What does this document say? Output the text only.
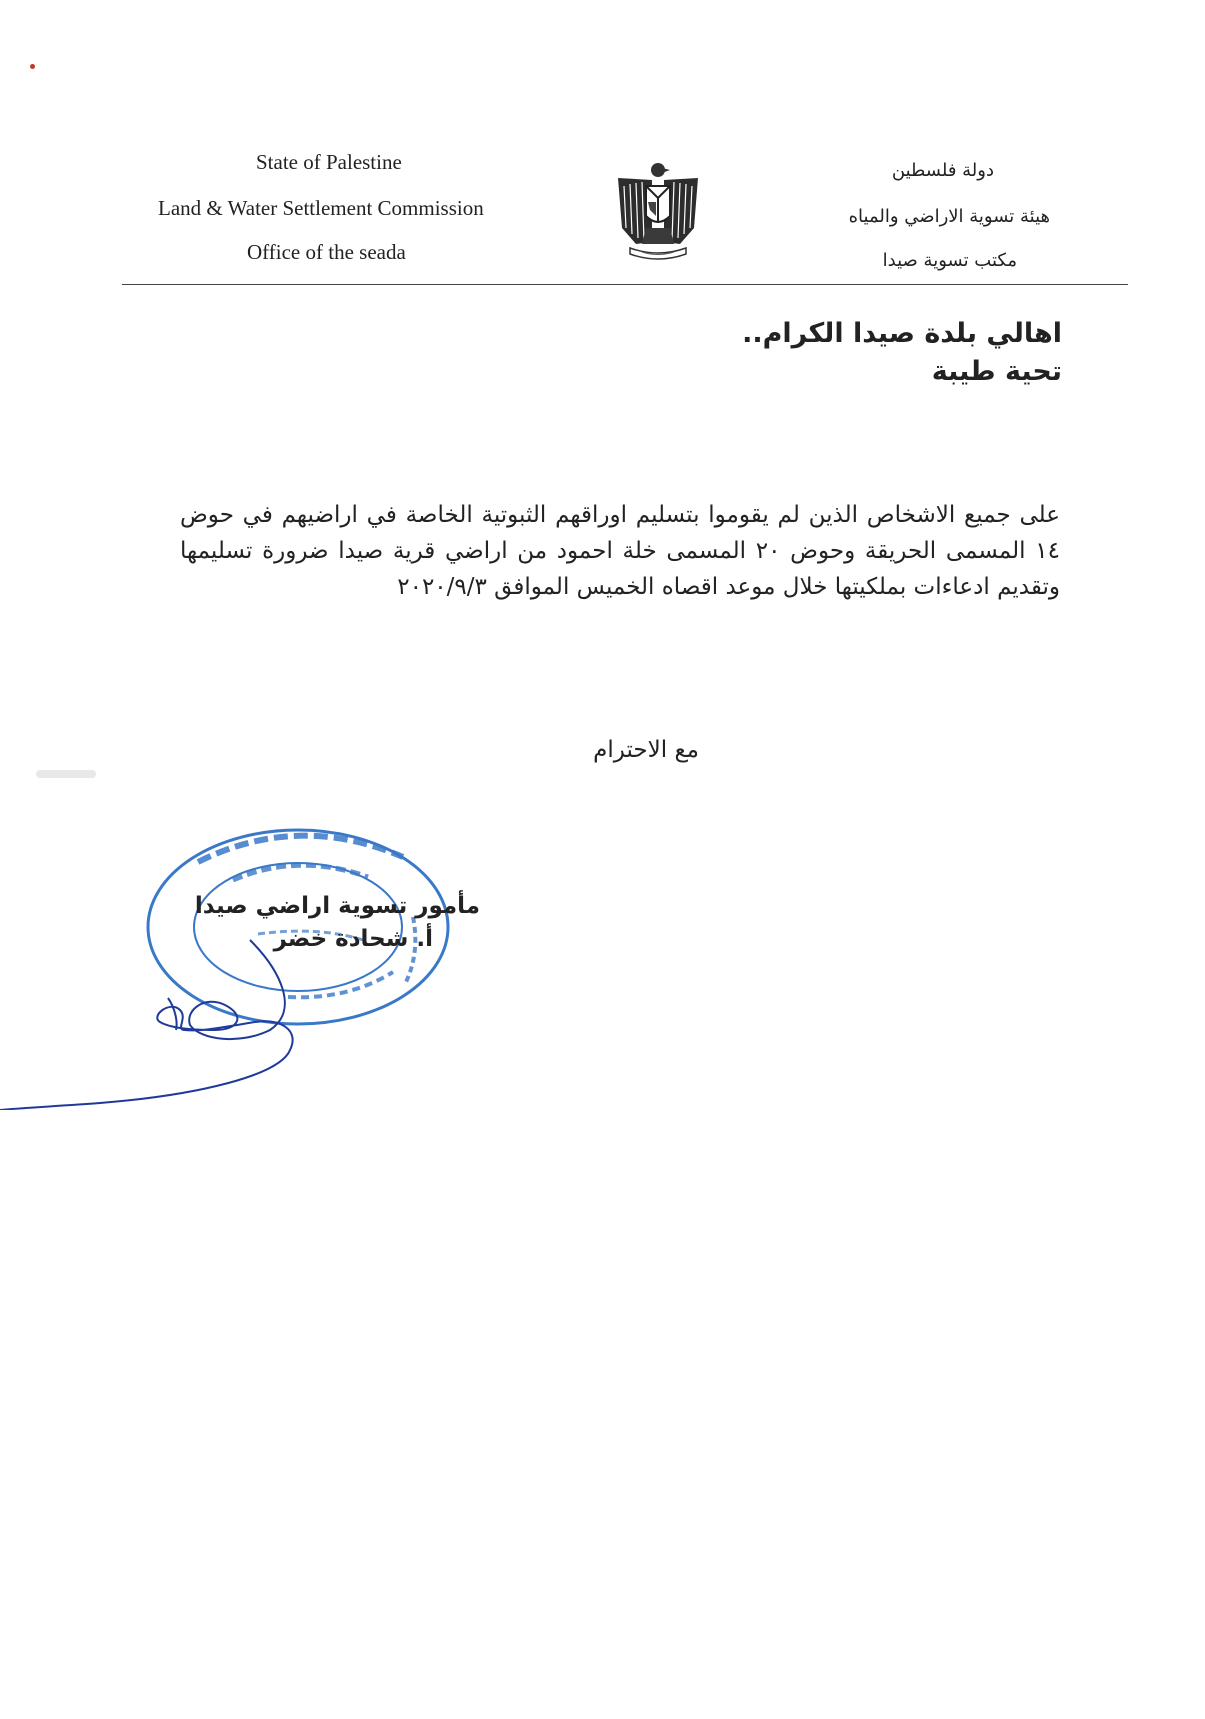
State of Palestine
Land & Water Settlement Commission
Office of the seada
دولة فلسطين
هيئة تسوية الاراضي والمياه
مكتب تسوية صيدا
اهالي بلدة صيدا الكرام..
تحية طيبة
على جميع الاشخاص الذين لم يقوموا بتسليم اوراقهم الثبوتية الخاصة في اراضيهم في حوض ١٤ المسمى الحريقة وحوض ٢٠ المسمى خلة احمود من اراضي قرية صيدا ضرورة تسليمها وتقديم ادعاءات بملكيتها خلال موعد اقصاه الخميس الموافق ٢٠٢٠/٩/٣
مع الاحترام
مأمور تسوية اراضي صيدا
أ. شحادة خضر
